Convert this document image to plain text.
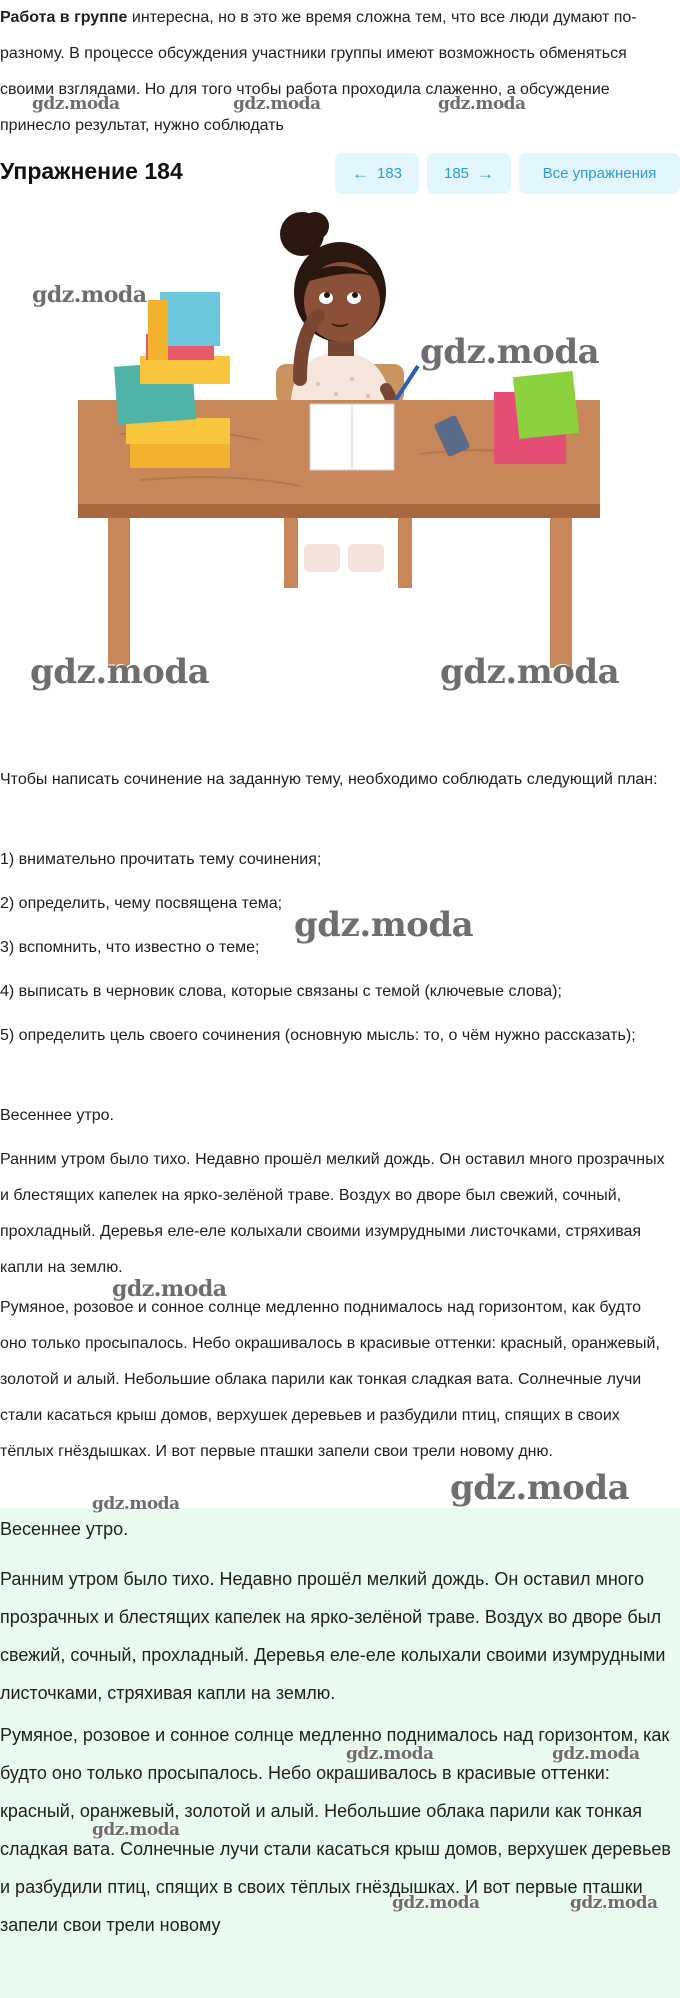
Работа в группе интересна, но в это же время сложна тем, что все люди думают по-разному. В процессе обсуждения участники группы имеют возможность обменяться своими взглядами. Но для того чтобы работа проходила слаженно, а обсуждение принесло результат, нужно соблюдать

Упражнение 184	← 183	185 →	Все упражнения
gdz.moda	gdz.moda	gdz.moda
gdz.moda
gdz.moda
gdz.moda	gdz.moda

Чтобы написать сочинение на заданную тему, необходимо соблюдать следующий план:

1) внимательно прочитать тему сочинения;

2) определить, чему посвящена тема;

3) вспомнить, что известно о теме;

4) выписать в черновик слова, которые связаны с темой (ключевые слова);

5) определить цель своего сочинения (основную мысль: то, о чём нужно рассказать);

Весеннее утро.

Ранним утром было тихо. Недавно прошёл мелкий дождь. Он оставил много прозрачных и блестящих капелек на ярко-зелёной траве. Воздух во дворе был свежий, сочный, прохладный. Деревья еле-еле колыхали своими изумрудными листочками, стряхивая капли на землю.

Румяное, розовое и сонное солнце медленно поднималось над горизонтом, как будто оно только просыпалось. Небо окрашивалось в красивые оттенки: красный, оранжевый, золотой и алый. Небольшие облака парили как тонкая сладкая вата. Солнечные лучи стали касаться крыш домов, верхушек деревьев и разбудили птиц, спящих в своих тёплых гнёздышках. И вот первые пташки запели свои трели новому дню.

gdz.moda
gdz.moda
gdz.moda

Весеннее утро.

Ранним утром было тихо. Недавно прошёл мелкий дождь. Он оставил много прозрачных и блестящих капелек на ярко-зелёной траве. Воздух во дворе был свежий, сочный, прохладный. Деревья еле-еле колыхали своими изумрудными листочками, стряхивая капли на землю.

Румяное, розовое и сонное солнце медленно поднималось над горизонтом, как будто оно только просыпалось. Небо окрашивалось в красивые оттенки: красный, оранжевый, золотой и алый. Небольшие облака парили как тонкая сладкая вата. Солнечные лучи стали касаться крыш домов, верхушек деревьев и разбудили птиц, спящих в своих тёплых гнёздышках. И вот первые пташки запели свои трели новому

gdz.moda
gdz.moda	gdz.moda
gdz.moda
gdz.moda	gdz.moda
